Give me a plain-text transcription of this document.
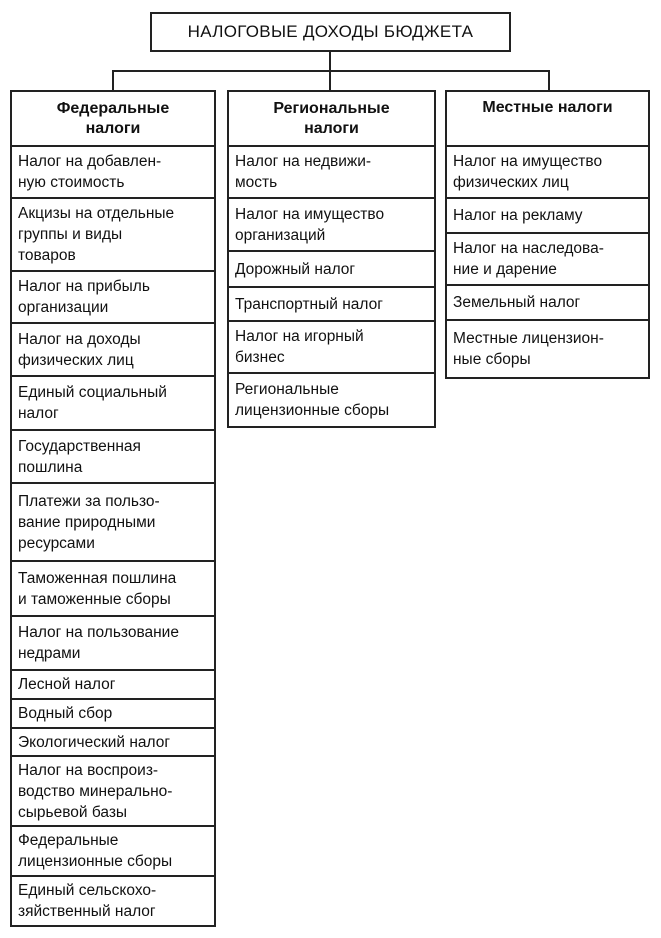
НАЛОГОВЫЕ ДОХОДЫ БЮДЖЕТА
Федеральные
налоги
Налог на добавлен-
ную стоимость
Акцизы на отдельные
группы и виды
товаров
Налог на прибыль
организации
Налог на доходы
физических лиц
Единый социальный
налог
Государственная
пошлина
Платежи за пользо-
вание природными
ресурсами
Таможенная пошлина
и таможенные сборы
Налог на пользование
недрами
Лесной налог
Водный сбор
Экологический налог
Налог на воспроиз-
водство минерально-
сырьевой базы
Федеральные
лицензионные сборы
Единый сельскохо-
зяйственный налог
Региональные
налоги
Налог на недвижи-
мость
Налог на имущество
организаций
Дорожный налог
Транспортный налог
Налог на игорный
бизнес
Региональные
лицензионные сборы
Местные налоги
Налог на имущество
физических лиц
Налог на рекламу
Налог на наследова-
ние и дарение
Земельный налог
Местные лицензион-
ные сборы
